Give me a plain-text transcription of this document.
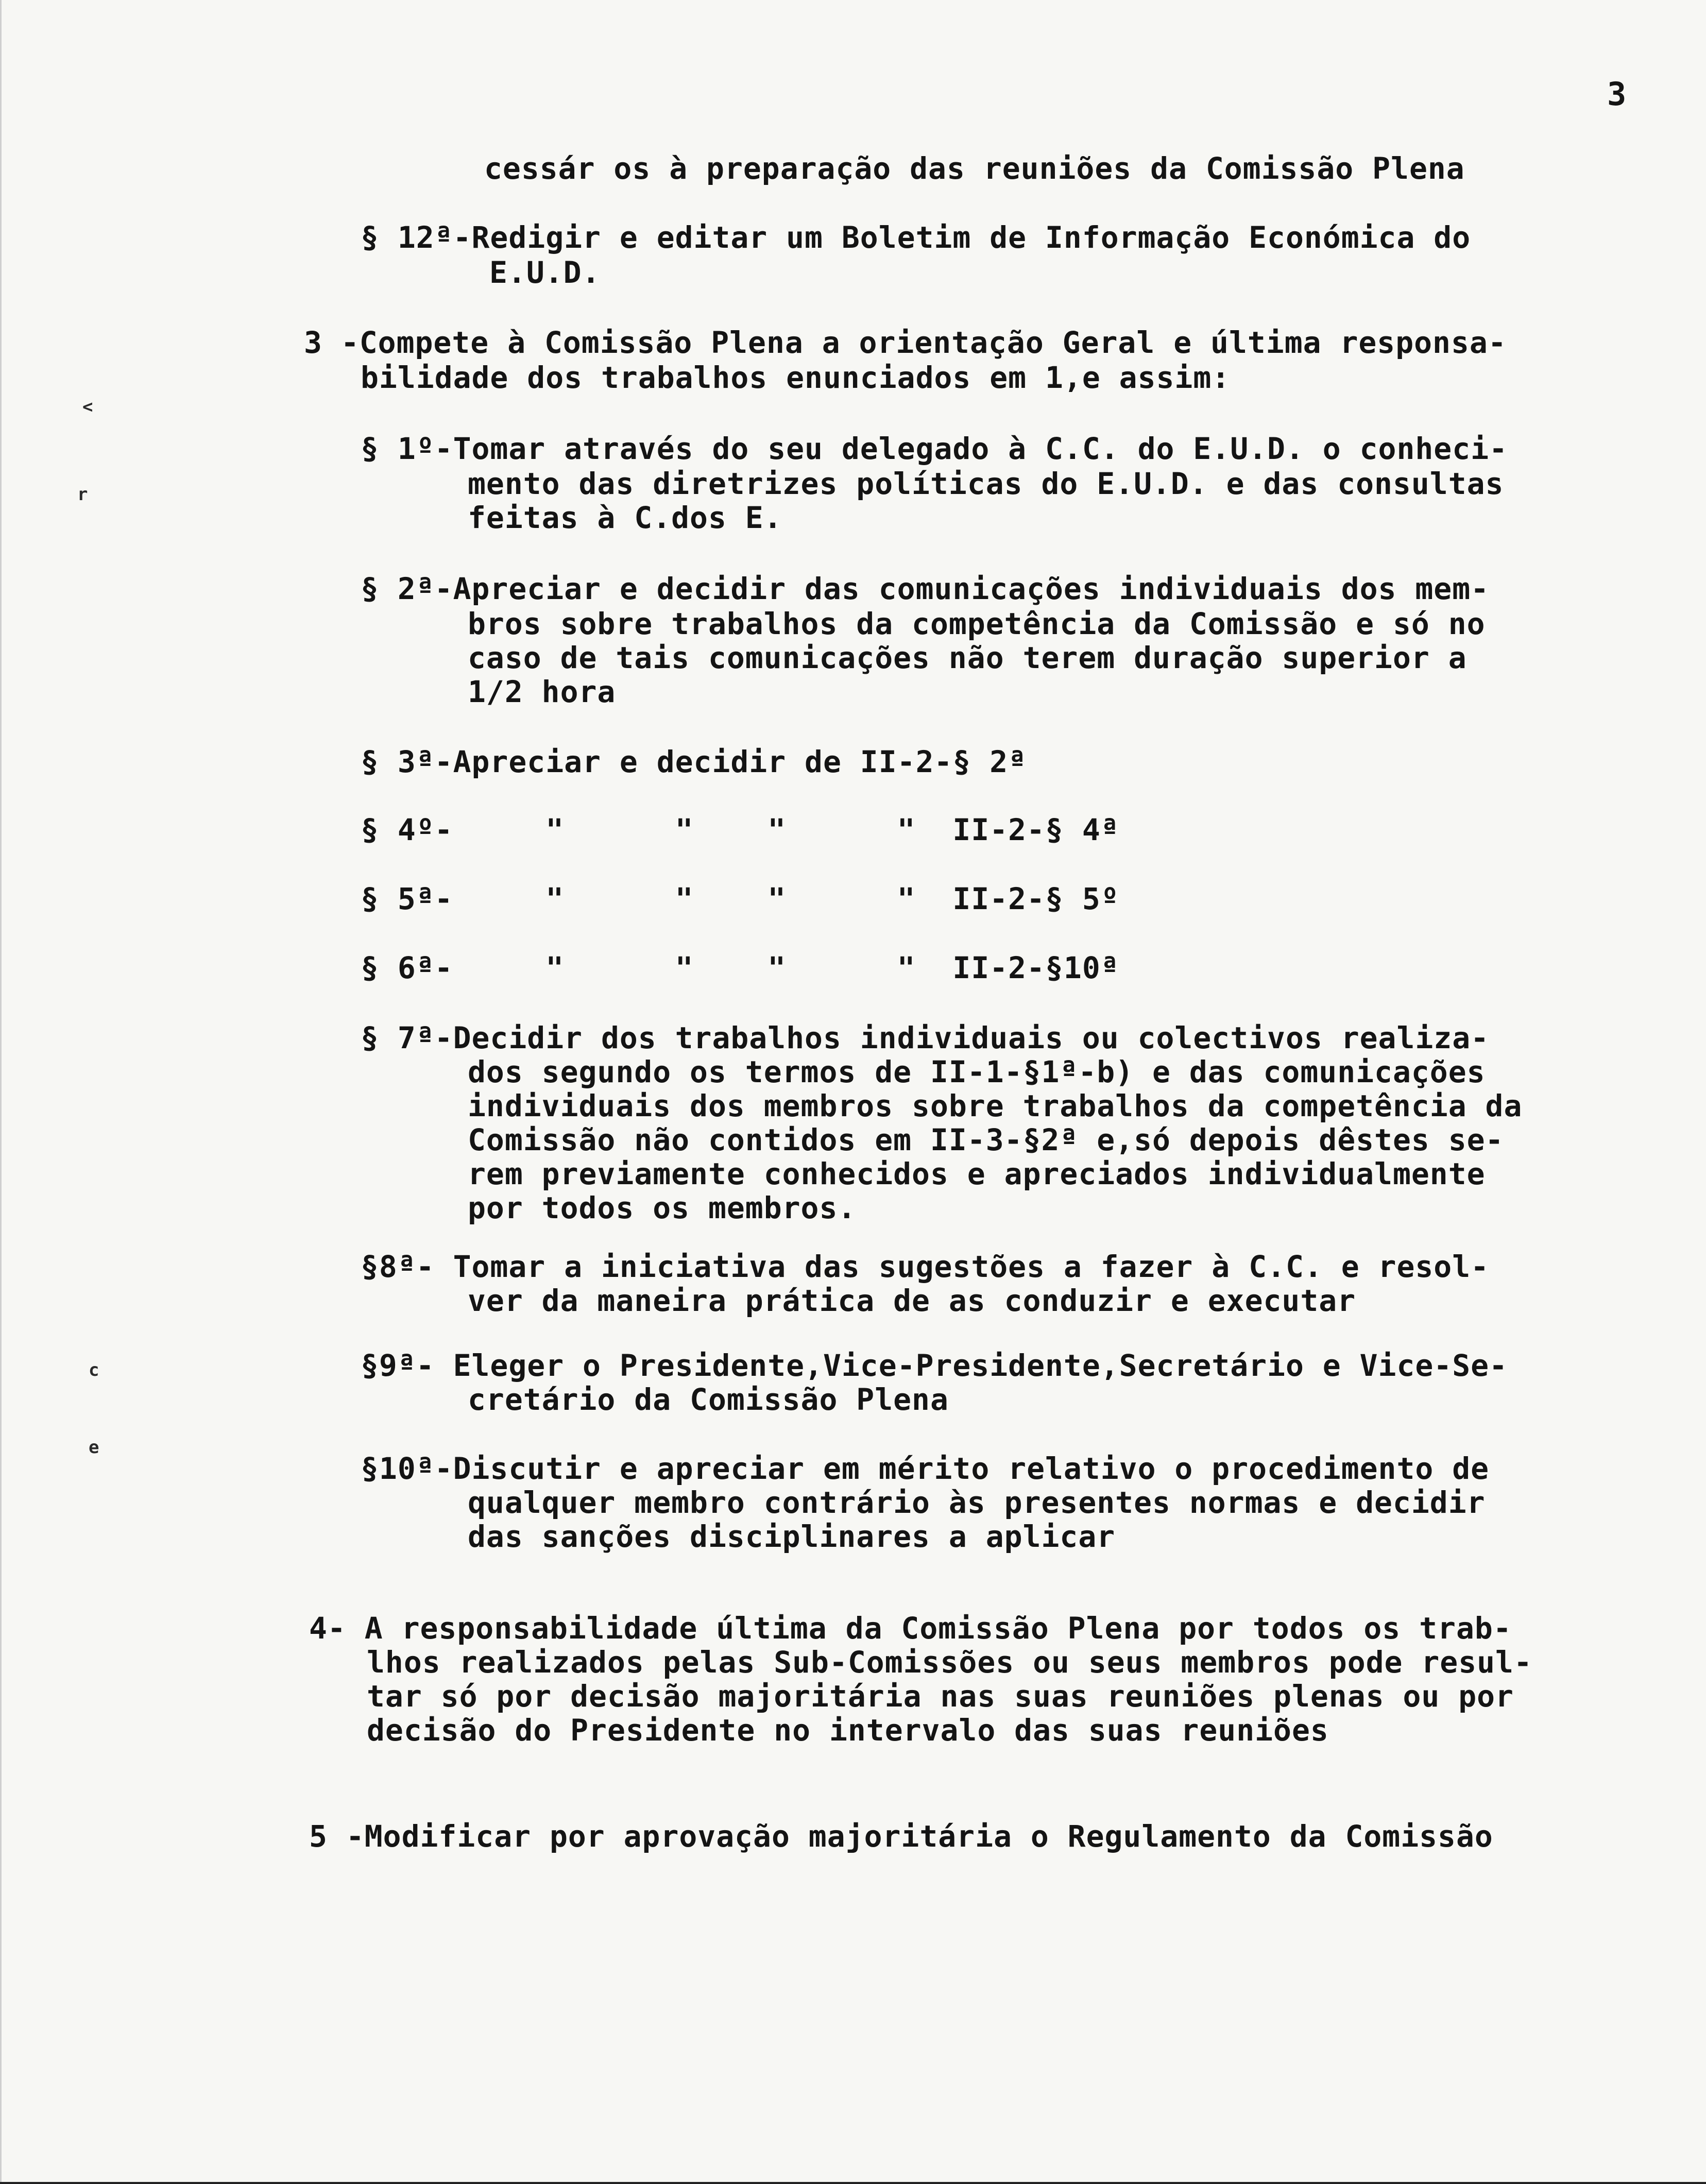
3
cessár os à preparação das reuniões da Comissão Plena
§ 12ª-Redigir e editar um Boletim de Informação Económica do
E.U.D.
3 -Compete à Comissão Plena a orientação Geral e última responsa-
bilidade dos trabalhos enunciados em 1,e assim:
§ 1º-Tomar através do seu delegado à C.C. do E.U.D. o conheci-
mento das diretrizes políticas do E.U.D. e das consultas
feitas à C.dos E.
§ 2ª-Apreciar e decidir das comunicações individuais dos mem-
bros sobre trabalhos da competência da Comissão e só no
caso de tais comunicações não terem duração superior a
1/2 hora
§ 3ª-Apreciar e decidir de II-2-§ 2ª
§ 4º-     "      "    "      "  II-2-§ 4ª
§ 5ª-     "      "    "      "  II-2-§ 5º
§ 6ª-     "      "    "      "  II-2-§10ª
§ 7ª-Decidir dos trabalhos individuais ou colectivos realiza-
dos segundo os termos de II-1-§1ª-b) e das comunicações
individuais dos membros sobre trabalhos da competência da
Comissão não contidos em II-3-§2ª e,só depois dêstes se-
rem previamente conhecidos e apreciados individualmente
por todos os membros.
§8ª- Tomar a iniciativa das sugestões a fazer à C.C. e resol-
ver da maneira prática de as conduzir e executar
§9ª- Eleger o Presidente,Vice-Presidente,Secretário e Vice-Se-
cretário da Comissão Plena
§10ª-Discutir e apreciar em mérito relativo o procedimento de
qualquer membro contrário às presentes normas e decidir
das sanções disciplinares a aplicar
4- A responsabilidade última da Comissão Plena por todos os trab-
lhos realizados pelas Sub-Comissões ou seus membros pode resul-
tar só por decisão majoritária nas suas reuniões plenas ou por
decisão do Presidente no intervalo das suas reuniões
5 -Modificar por aprovação majoritária o Regulamento da Comissão
<
r
c
e
